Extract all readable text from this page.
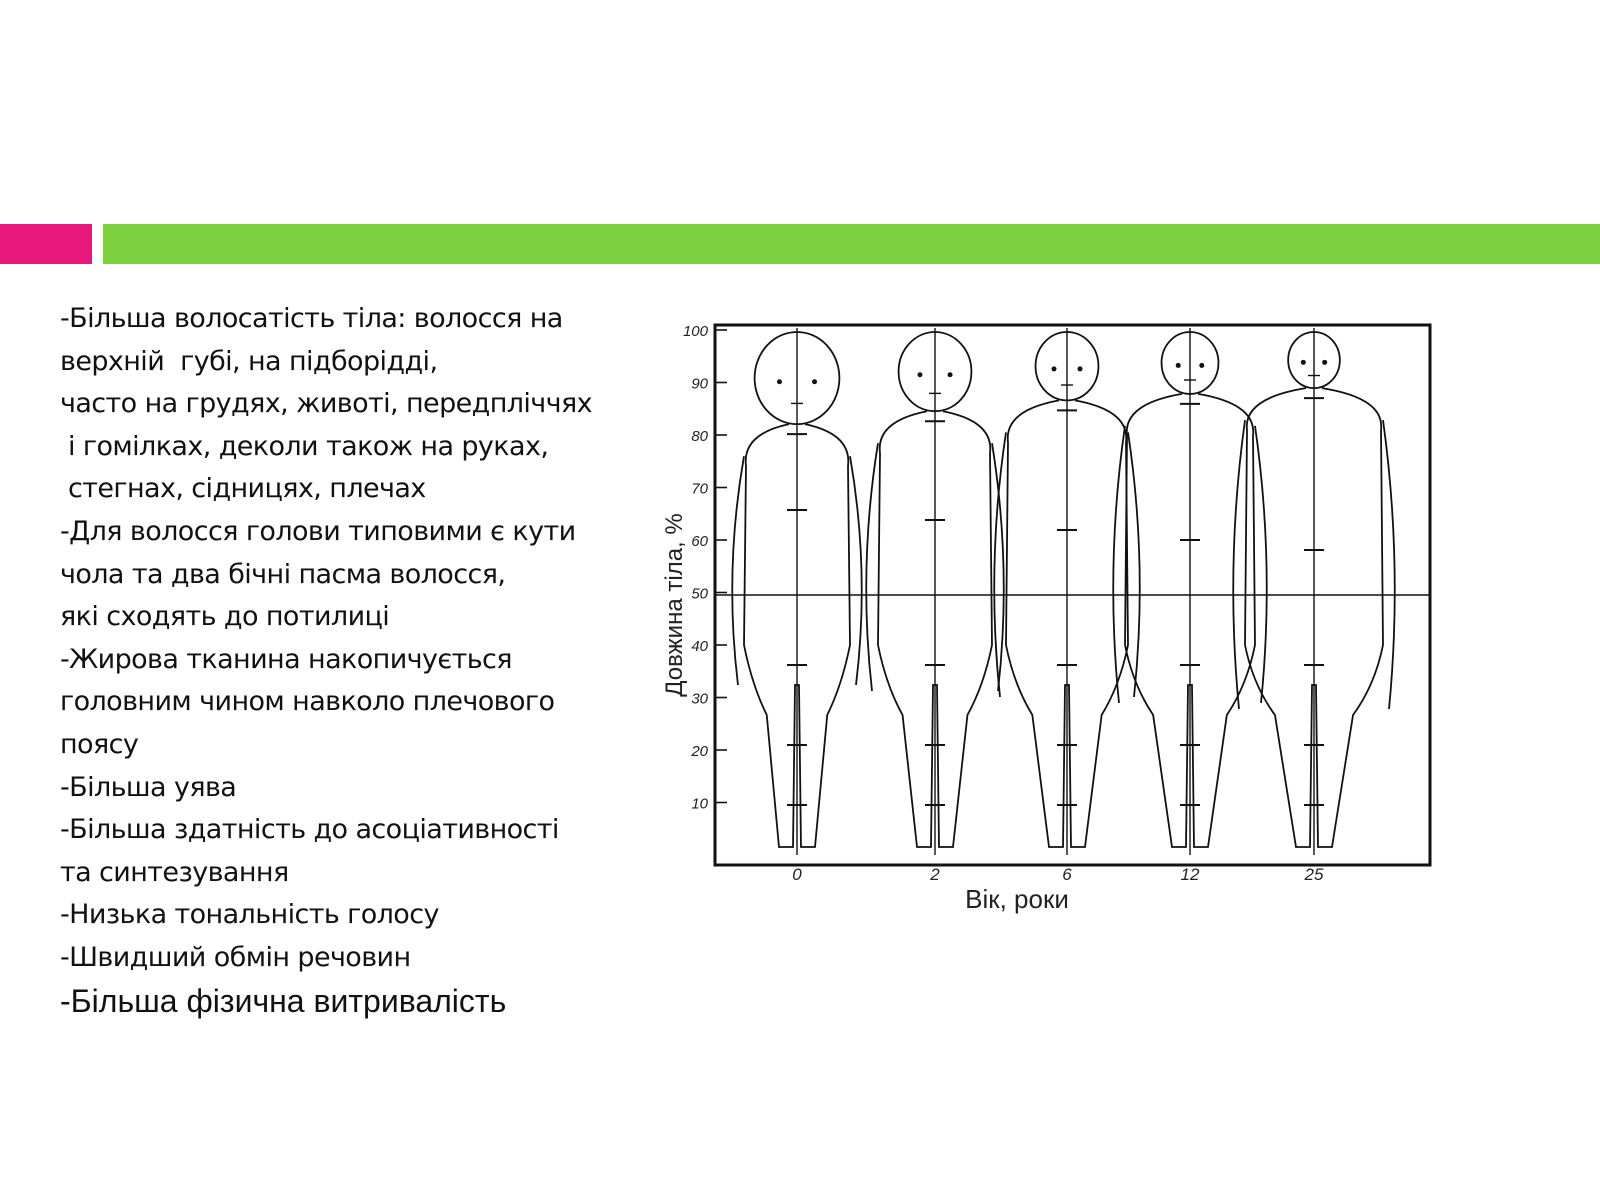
-Більша волосатість тіла: волосся на
верхній  губі, на підборідді,
часто на грудях, животі, передпліччях
і гомілках, деколи також на руках,
стегнах, сідницях, плечах
-Для волосся голови типовими є кути
чола та два бічні пасма волосся,
які сходять до потилиці
-Жирова тканина накопичується
головним чином навколо плечового
поясу
-Більша уява
-Більша здатність до асоціативності
та синтезування
-Низька тональність голосу
-Швидший обмін речовин
-Більша фізична витривалість
100
90
80
70
60
50
40
30
20
10
0	2	6	12	25
Довжина тіла, %
Вік, роки
